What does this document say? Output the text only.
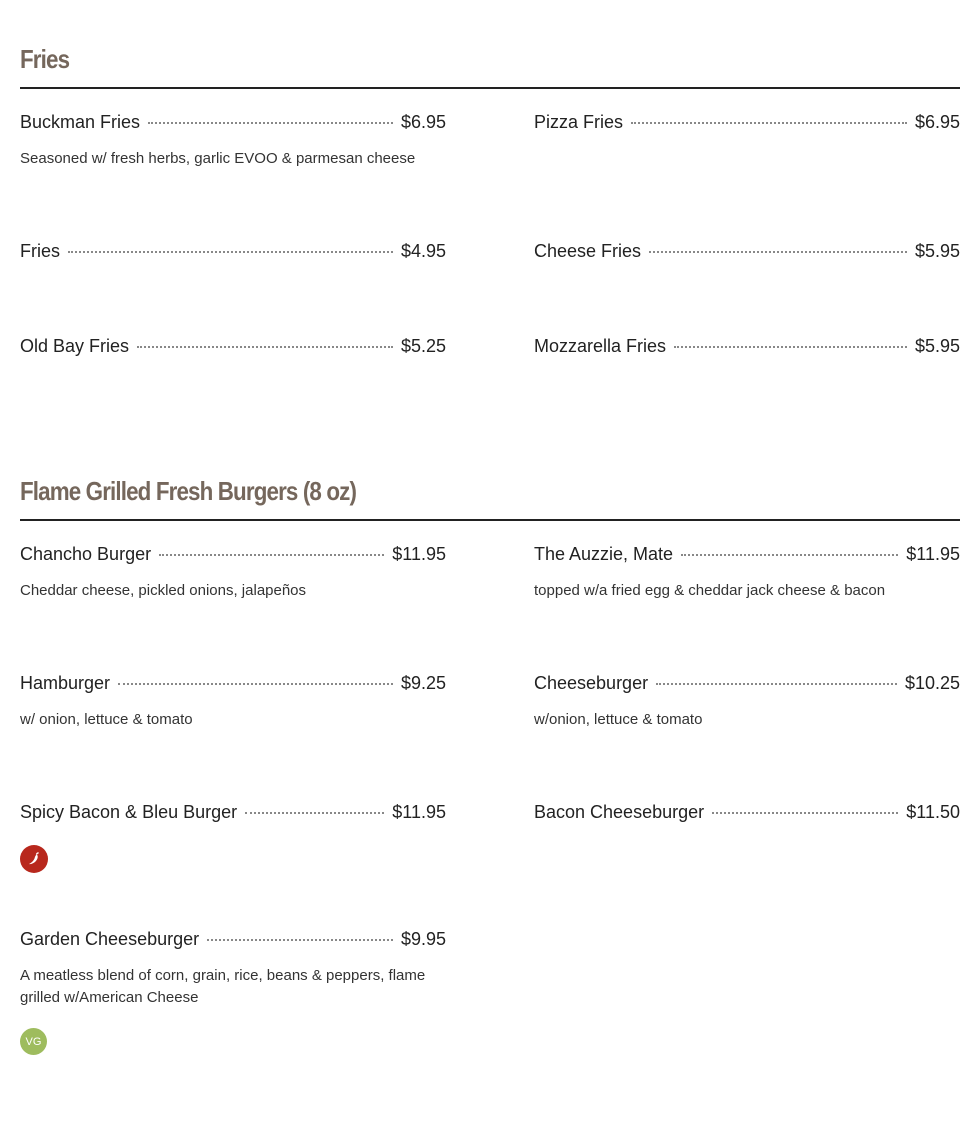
Fries
Buckman Fries	$6.95
Seasoned w/ fresh herbs, garlic EVOO & parmesan cheese
Pizza Fries	$6.95
Fries	$4.95	Cheese Fries	$5.95
Old Bay Fries	$5.25	Mozzarella Fries	$5.95
Flame Grilled Fresh Burgers (8 oz)
Chancho Burger	$11.95
Cheddar cheese, pickled onions, jalapeños
The Auzzie, Mate	$11.95
topped w/a fried egg & cheddar jack cheese & bacon
Hamburger	$9.25
w/ onion, lettuce & tomato
Cheeseburger	$10.25
w/onion, lettuce & tomato
Spicy Bacon & Bleu Burger	$11.95	Bacon Cheeseburger	$11.50
Garden Cheeseburger	$9.95
A meatless blend of corn, grain, rice, beans & peppers, flame grilled w/American Cheese
VG
